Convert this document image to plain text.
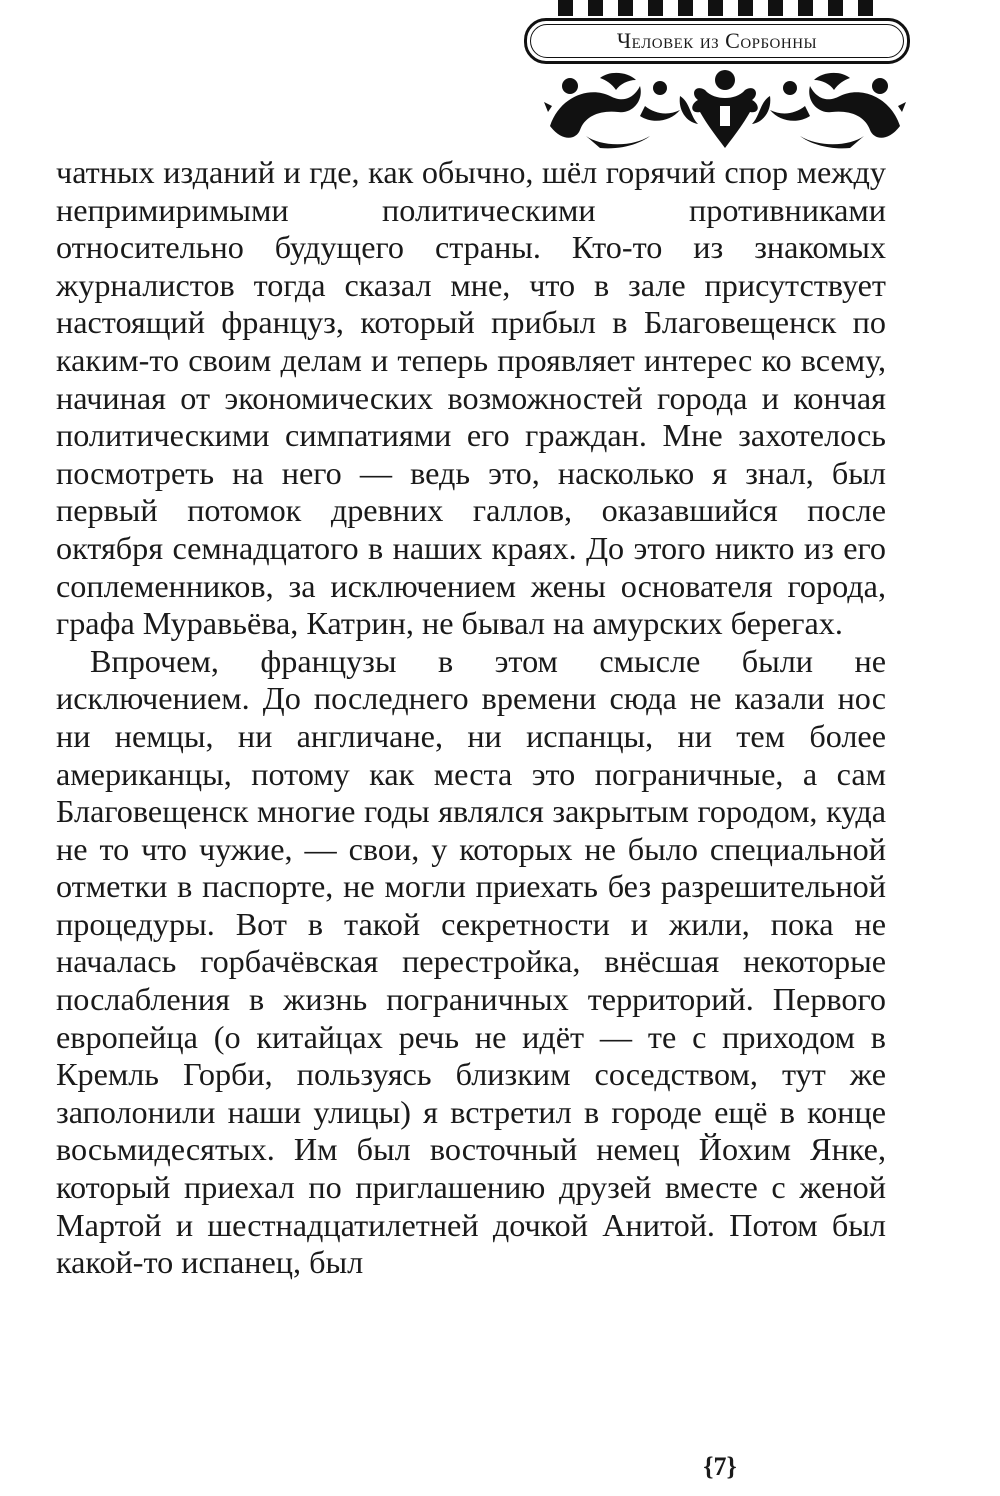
Человек из Сорбонны

чатных изданий и где, как обычно, шёл горячий спор между непримиримыми политическими противниками относительно будущего страны. Кто-то из знакомых журналистов тогда сказал мне, что в зале присутствует настоящий француз, который прибыл в Благовещенск по каким-то своим делам и теперь проявляет интерес ко всему, начиная от экономических возможностей города и кончая политическими симпатиями его граждан. Мне захотелось посмотреть на него — ведь это, насколько я знал, был первый потомок древних галлов, оказавшийся после октября семнадцатого в наших краях. До этого никто из его соплеменников, за исключением жены основателя города, графа Муравьёва, Катрин, не бывал на амурских берегах.

Впрочем, французы в этом смысле были не исключением. До последнего времени сюда не казали нос ни немцы, ни англичане, ни испанцы, ни тем более американцы, потому как места это пограничные, а сам Благовещенск многие годы являлся закрытым городом, куда не то что чужие, — свои, у которых не было специальной отметки в паспорте, не могли приехать без разрешительной процедуры. Вот в такой секретности и жили, пока не началась горбачёвская перестройка, внёсшая некоторые послабления в жизнь пограничных территорий. Первого европейца (о китайцах речь не идёт — те с приходом в Кремль Горби, пользуясь близким соседством, тут же заполонили наши улицы) я встретил в городе ещё в конце восьмидесятых. Им был восточный немец Йохим Янке, который приехал по приглашению друзей вместе с женой Мартой и шестнадцатилетней дочкой Анитой. Потом был какой-то испанец, был

{7}
